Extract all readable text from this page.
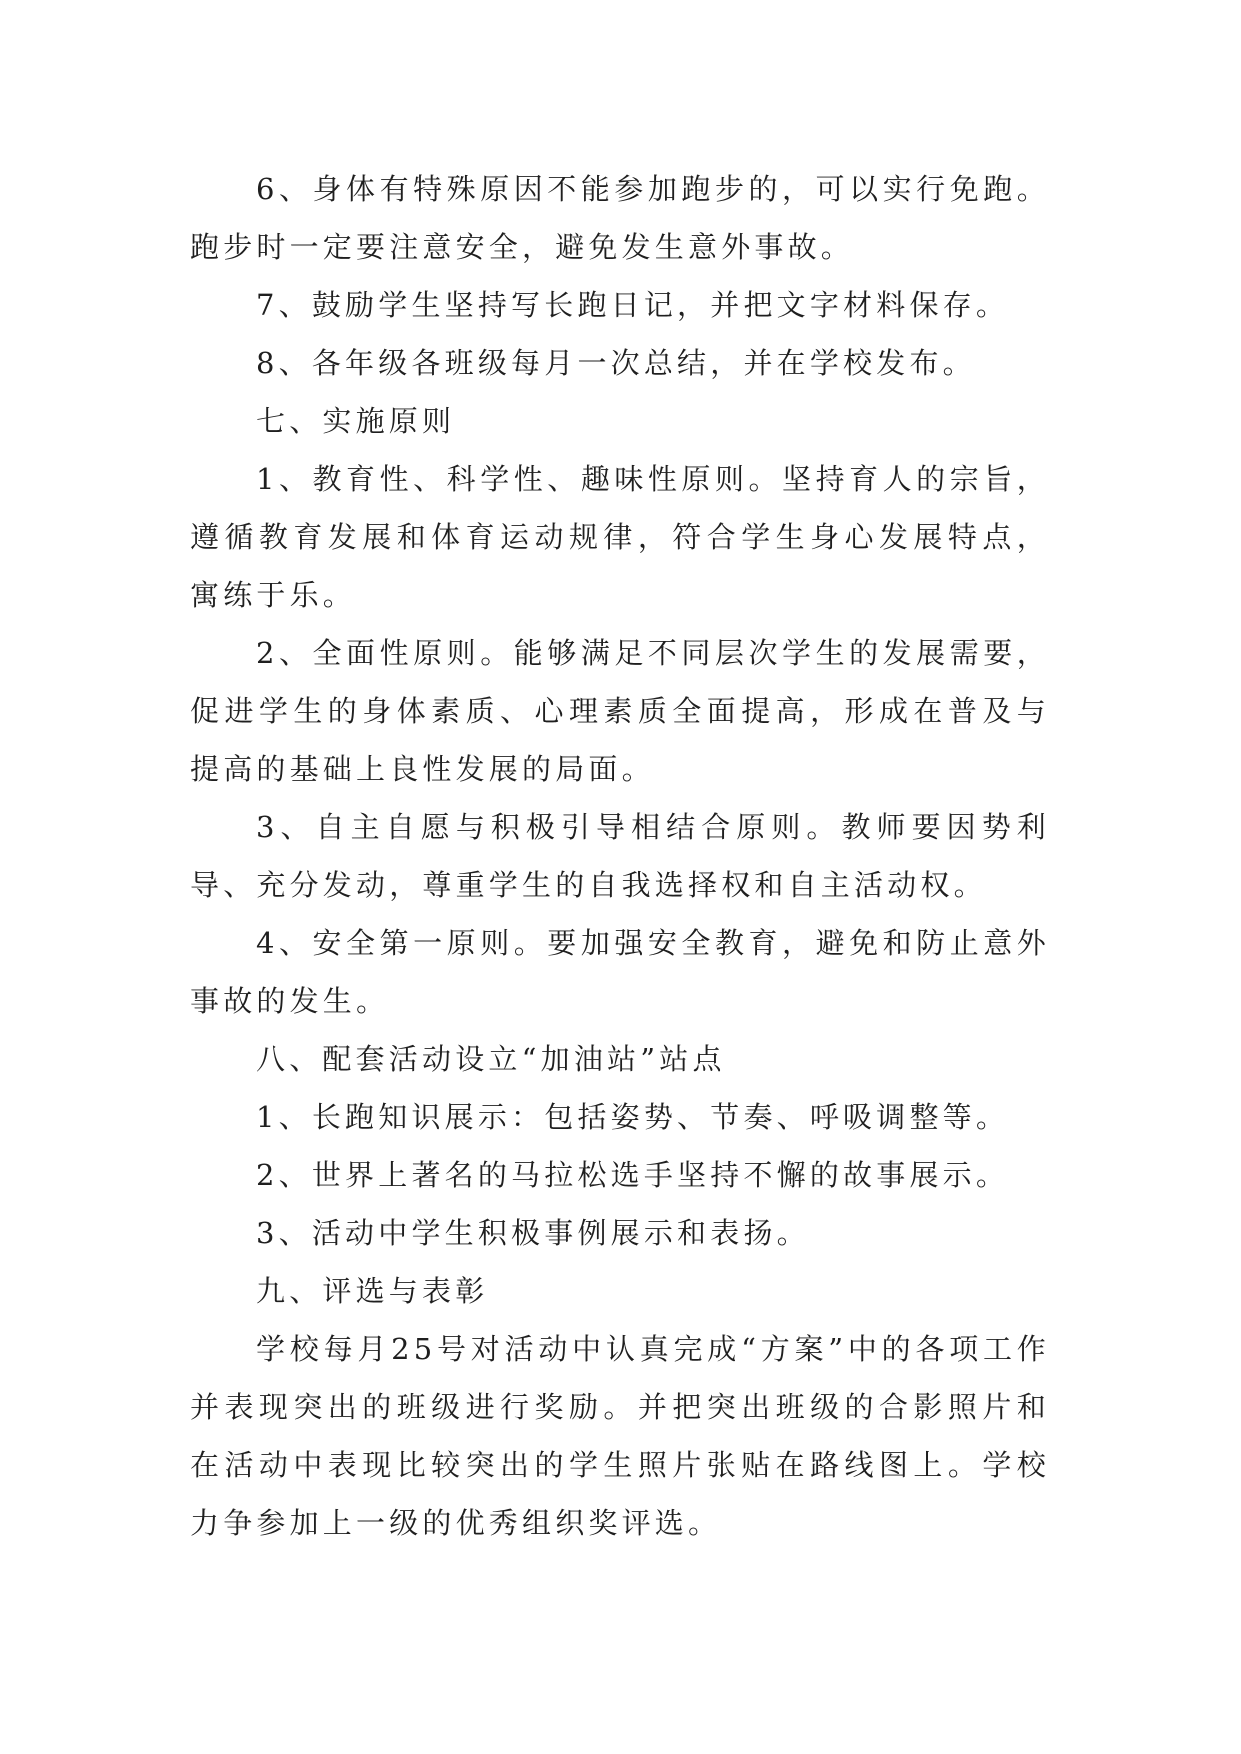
6、身体有特殊原因不能参加跑步的，可以实行免跑。跑步时一定要注意安全，避免发生意外事故。

7、鼓励学生坚持写长跑日记，并把文字材料保存。

8、各年级各班级每月一次总结，并在学校发布。

七、实施原则

1、教育性、科学性、趣味性原则。坚持育人的宗旨，遵循教育发展和体育运动规律，符合学生身心发展特点，寓练于乐。

2、全面性原则。能够满足不同层次学生的发展需要，促进学生的身体素质、心理素质全面提高，形成在普及与提高的基础上良性发展的局面。

3、自主自愿与积极引导相结合原则。教师要因势利导、充分发动，尊重学生的自我选择权和自主活动权。

4、安全第一原则。要加强安全教育，避免和防止意外事故的发生。

八、配套活动设立“加油站”站点

1、长跑知识展示：包括姿势、节奏、呼吸调整等。

2、世界上著名的马拉松选手坚持不懈的故事展示。

3、活动中学生积极事例展示和表扬。

九、评选与表彰

学校每月25号对活动中认真完成“方案”中的各项工作并表现突出的班级进行奖励。并把突出班级的合影照片和在活动中表现比较突出的学生照片张贴在路线图上。学校力争参加上一级的优秀组织奖评选。
